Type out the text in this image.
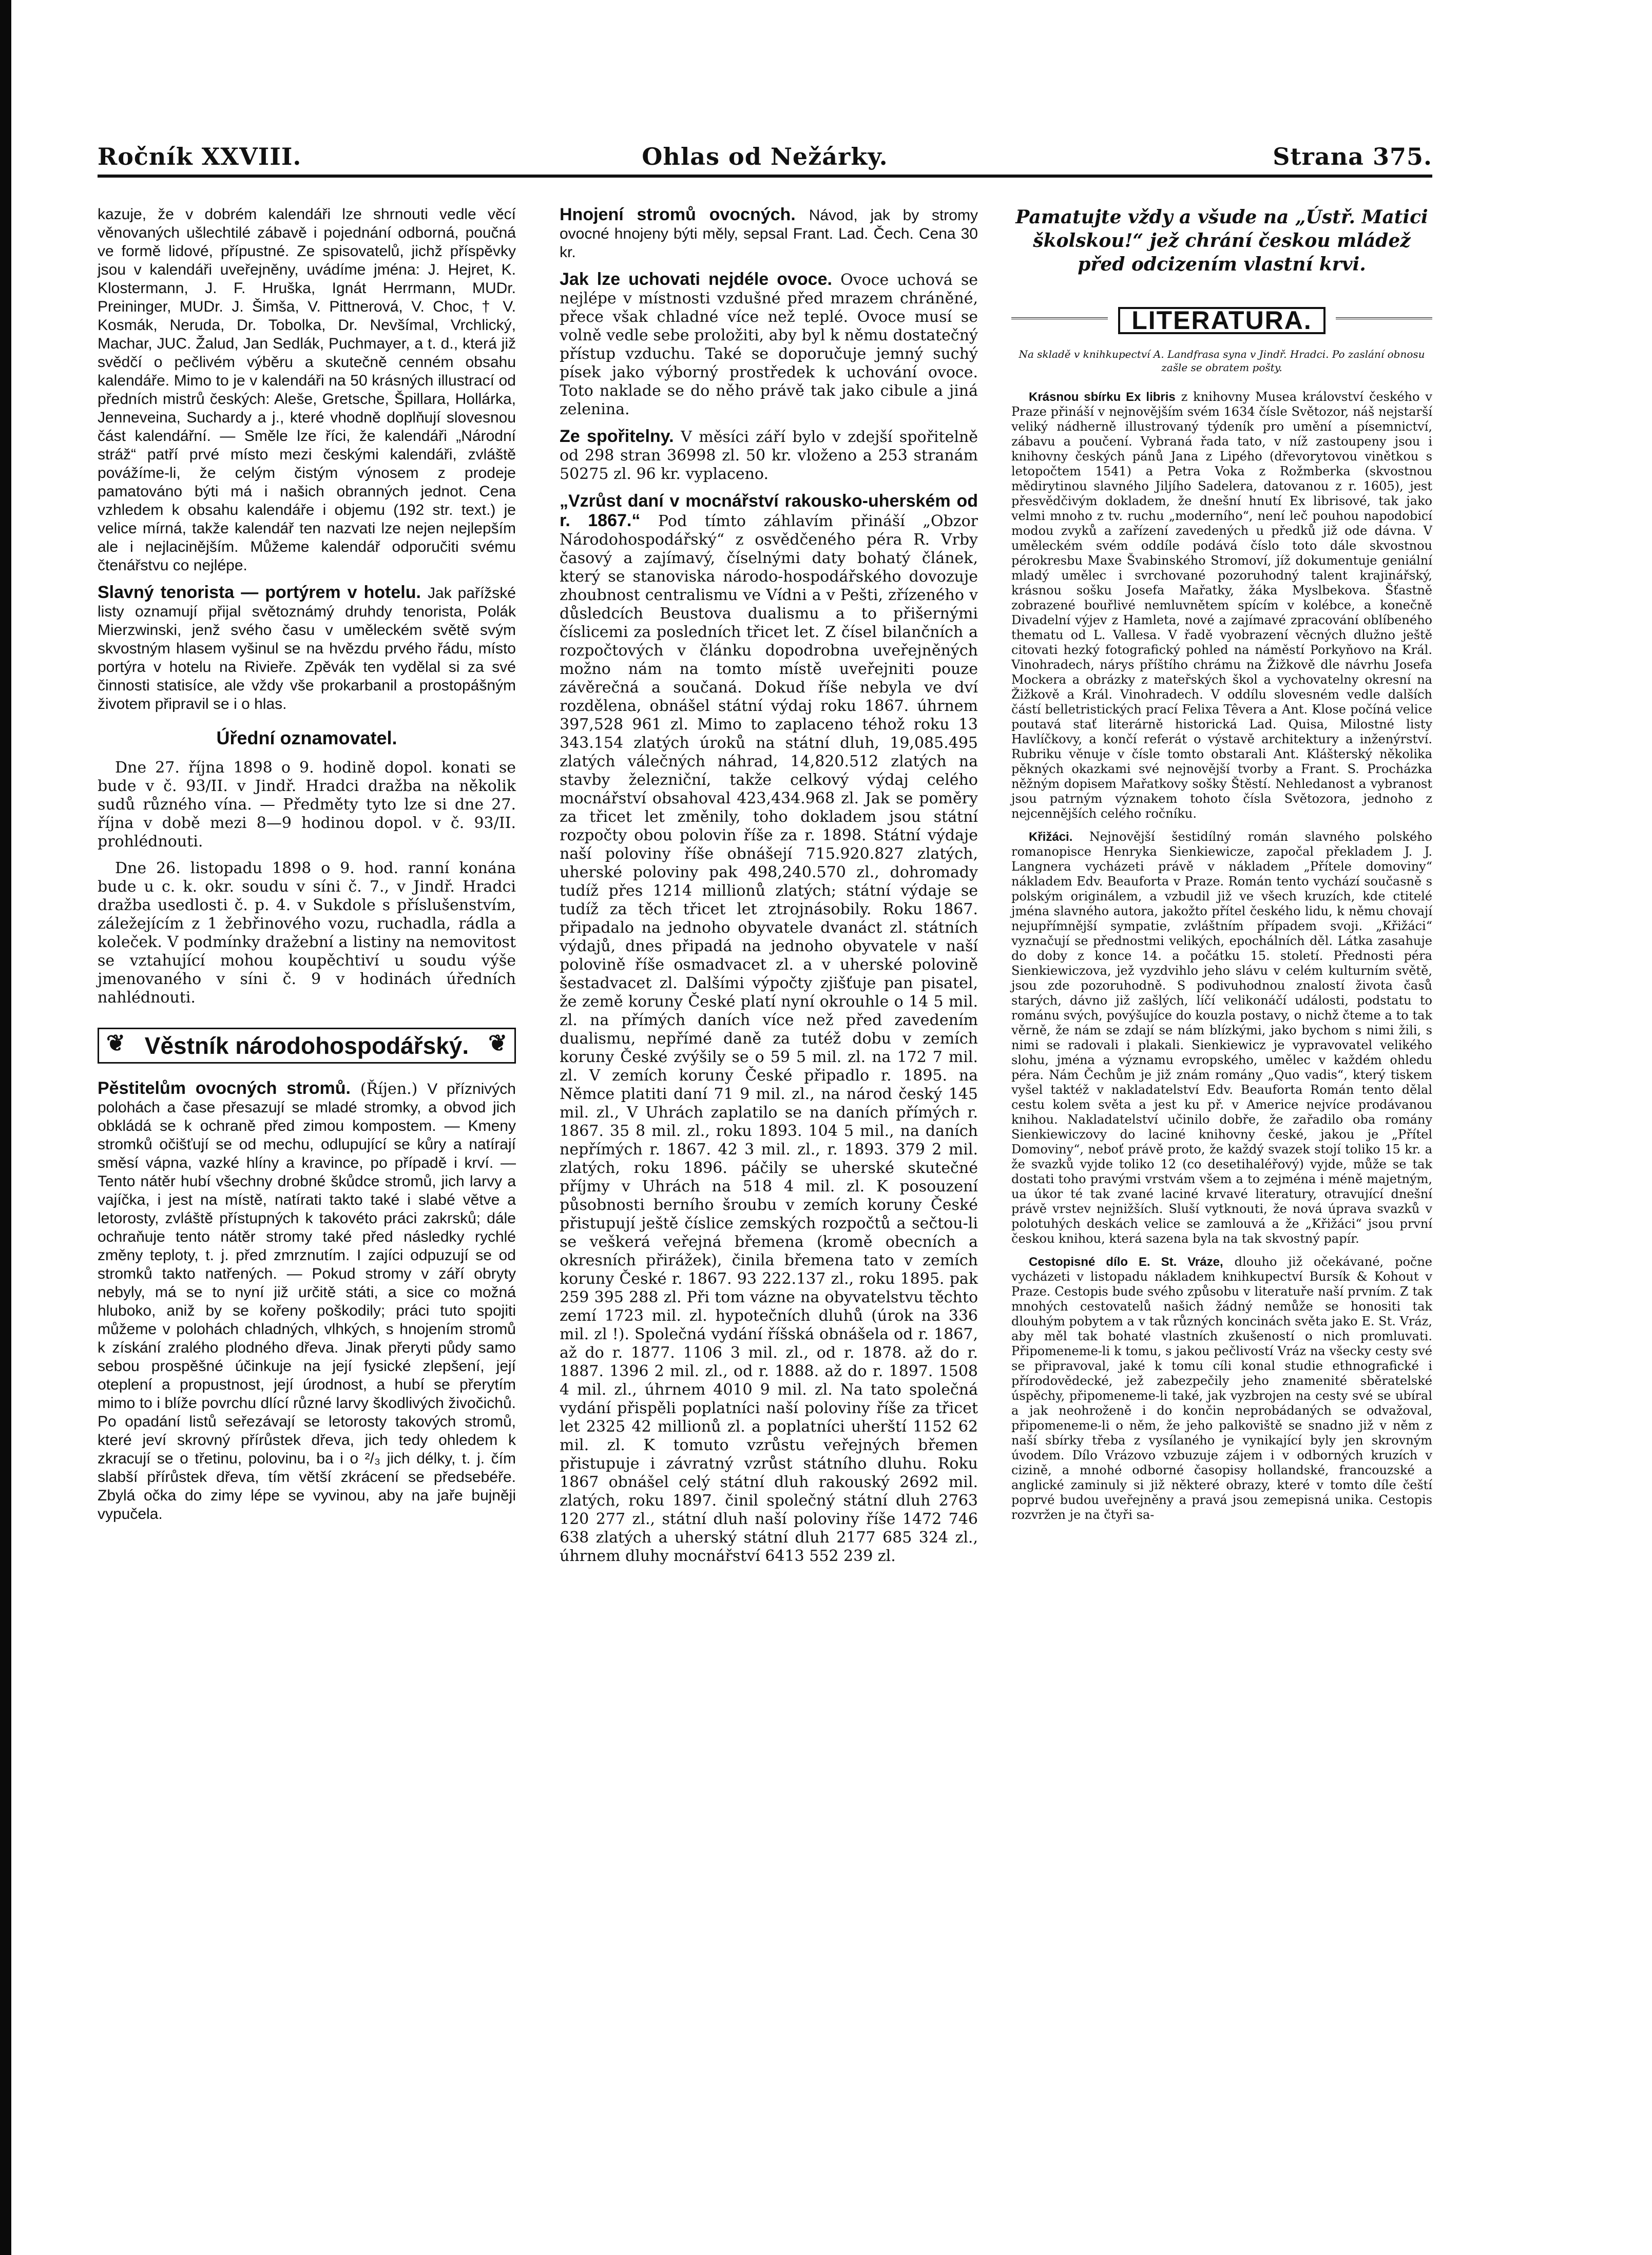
Ročník XXVIII.	Ohlas od Nežárky.	Strana 375.

kazuje, že v dobrém kalendáři lze shrnouti vedle věcí věnovaných ušlechtilé zábavě i pojednání odborná, poučná ve formě lidové, přípustné. Ze spisovatelů, jichž příspěvky jsou v kalendáři uveřejněny, uvádíme jména: J. Hejret, K. Klostermann, J. F. Hruška, Ignát Herrmann, MUDr. Preininger, MUDr. J. Šimša, V. Pittnerová, V. Choc, † V. Kosmák, Neruda, Dr. Tobolka, Dr. Nevšímal, Vrchlický, Machar, JUC. Žalud, Jan Sedlák, Puchmayer, a t. d., která již svědčí o pečlivém výběru a skutečně cenném obsahu kalendáře. Mimo to je v kalendáři na 50 krásných illustrací od předních mistrů českých: Aleše, Gretsche, Špillara, Hollárka, Jenneveina, Suchardy a j., které vhodně doplňují slovesnou část kalendářní. — Směle lze říci, že kalendáři „Národní stráž“ patří prvé místo mezi českými kalendáři, zvláště povážíme-li, že celým čistým výnosem z prodeje pamatováno býti má i našich obranných jednot. Cena vzhledem k obsahu kalendáře i objemu (192 str. text.) je velice mírná, takže kalendář ten nazvati lze nejen nejlepším ale i nejlacinějším. Můžeme kalendář odporučiti svému čtenářstvu co nejlépe.

Slavný tenorista — portýrem v hotelu. Jak pařížské listy oznamují přijal světoznámý druhdy tenorista, Polák Mierzwinski, jenž svého času v uměleckém světě svým skvostným hlasem vyšinul se na hvězdu prvého řádu, místo portýra v hotelu na Rivieře. Zpěvák ten vydělal si za své činnosti statisíce, ale vždy vše prokarbanil a prostopášným životem připravil se i o hlas.

Úřední oznamovatel.

Dne 27. října 1898 o 9. hodině dopol. konati se bude v č. 93/II. v Jindř. Hradci dražba na několik sudů různého vína. — Předměty tyto lze si dne 27. října v době mezi 8—9 hodinou dopol. v č. 93/II. prohlédnouti.

Dne 26. listopadu 1898 o 9. hod. ranní konána bude u c. k. okr. soudu v síni č. 7., v Jindř. Hradci dražba usedlosti č. p. 4. v Sukdole s příslušenstvím, záležejícím z 1 žebřinového vozu, ruchadla, rádla a koleček. V podmínky dražební a listiny na nemovitost se vztahující mohou koupěchtiví u soudu výše jmenovaného v síni č. 9 v hodinách úředních nahlédnouti.

❦ Věstník národohospodářský. ❦

Pěstitelům ovocných stromů. (Říjen.) V příznivých polohách a čase přesazují se mladé stromky, a obvod jich obkládá se k ochraně před zimou kompostem. — Kmeny stromků očišťují se od mechu, odlupující se kůry a natírají směsí vápna, vazké hlíny a kravince, po případě i krví. — Tento nátěr hubí všechny drobné škůdce stromů, jich larvy a vajíčka, i jest na místě, natírati takto také i slabé větve a letorosty, zvláště přístupných k takovéto práci zakrsků; dále ochraňuje tento nátěr stromy také před následky rychlé změny teploty, t. j. před zmrznutím. I zajíci odpuzují se od stromků takto natřených. — Pokud stromy v září obryty nebyly, má se to nyní již určitě státi, a sice co možná hluboko, aniž by se kořeny poškodily; práci tuto spojiti můžeme v polohách chladných, vlhkých, s hnojením stromů k získání zralého plodného dřeva. Jinak přeryti půdy samo sebou prospěšné účinkuje na její fysické zlepšení, její oteplení a propustnost, její úrodnost, a hubí se přerytím mimo to i blíže povrchu dlící různé larvy škodlivých živočichů. Po opadání listů seřezávají se letorosty takových stromů, které jeví skrovný přírůstek dřeva, jich tedy ohledem k zkracují se o třetinu, polovinu, ba i o ²/₃ jich délky, t. j. čím slabší přírůstek dřeva, tím větší zkrácení se předsebéře. Zbylá očka do zimy lépe se vyvinou, aby na jaře bujněji vypučela.

Hnojení stromů ovocných. Návod, jak by stromy ovocné hnojeny býti měly, sepsal Frant. Lad. Čech. Cena 30 kr.

Jak lze uchovati nejdéle ovoce. Ovoce uchová se nejlépe v místnosti vzdušné před mrazem chráněné, přece však chladné více než teplé. Ovoce musí se volně vedle sebe proložiti, aby byl k němu dostatečný přístup vzduchu. Také se doporučuje jemný suchý písek jako výborný prostředek k uchování ovoce. Toto naklade se do něho právě tak jako cibule a jiná zelenina.

Ze spořitelny. V měsíci září bylo v zdejší spořitelně od 298 stran 36998 zl. 50 kr. vloženo a 253 stranám 50275 zl. 96 kr. vyplaceno.

„Vzrůst daní v mocnářství rakousko-uherském od r. 1867.“ Pod tímto záhlavím přináší „Obzor Národohospodářský“ z osvědčeného péra R. Vrby časový a zajímavý, číselnými daty bohatý článek, který se stanoviska národo-hospodářského dovozuje zhoubnost centralismu ve Vídni a v Pešti, zřízeného v důsledcích Beustova dualismu a to přišernými číslicemi za posledních třicet let. Z čísel bilančních a rozpočtových v článku dopodrobna uveřejněných možno nám na tomto místě uveřejniti pouze závěrečná a součaná. Dokud říše nebyla ve dví rozdělena, obnášel státní výdaj roku 1867. úhrnem 397,528 961 zl. Mimo to zaplaceno téhož roku 13 343.154 zlatých úroků na státní dluh, 19,085.495 zlatých válečných náhrad, 14,820.512 zlatých na stavby železniční, takže celkový výdaj celého mocnářství obsahoval 423,434.968 zl. Jak se poměry za třicet let změnily, toho dokladem jsou státní rozpočty obou polovin říše za r. 1898. Státní výdaje naší poloviny říše obnášejí 715.920.827 zlatých, uherské poloviny pak 498,240.570 zl., dohromady tudíž přes 1214 millionů zlatých; státní výdaje se tudíž za těch třicet let ztrojnásobily. Roku 1867. připadalo na jednoho obyvatele dvanáct zl. státních výdajů, dnes připadá na jednoho obyvatele v naší polovině říše osmadvacet zl. a v uherské polovině šestadvacet zl. Dalšími výpočty zjišťuje pan pisatel, že země koruny České platí nyní okrouhle o 14 5 mil. zl. na přímých daních více než před zavedením dualismu, nepřímé daně za tutéž dobu v zemích koruny České zvýšily se o 59 5 mil. zl. na 172 7 mil. zl. V zemích koruny České připadlo r. 1895. na Němce platiti daní 71 9 mil. zl., na národ český 145 mil. zl., V Uhrách zaplatilo se na daních přímých r. 1867. 35 8 mil. zl., roku 1893. 104 5 mil., na daních nepřímých r. 1867. 42 3 mil. zl., r. 1893. 379 2 mil. zlatých, roku 1896. páčily se uherské skutečné příjmy v Uhrách na 518 4 mil. zl. K posouzení působnosti berního šroubu v zemích koruny České přistupují ještě číslice zemských rozpočtů a sečtou-li se veškerá veřejná břemena (kromě obecních a okresních přirážek), činila břemena tato v zemích koruny České r. 1867. 93 222.137 zl., roku 1895. pak 259 395 288 zl. Při tom vázne na obyvatelstvu těchto zemí 1723 mil. zl. hypotečních dluhů (úrok na 336 mil. zl !). Společná vydání říšská obnášela od r. 1867, až do r. 1877. 1106 3 mil. zl., od r. 1878. až do r. 1887. 1396 2 mil. zl., od r. 1888. až do r. 1897. 1508 4 mil. zl., úhrnem 4010 9 mil. zl. Na tato společná vydání přispěli poplatníci naší poloviny říše za třicet let 2325 42 millionů zl. a poplatníci uherští 1152 62 mil. zl. K tomuto vzrůstu veřejných břemen přistupuje i závratný vzrůst státního dluhu. Roku 1867 obnášel celý státní dluh rakouský 2692 mil. zlatých, roku 1897. činil společný státní dluh 2763 120 277 zl., státní dluh naší poloviny říše 1472 746 638 zlatých a uherský státní dluh 2177 685 324 zl., úhrnem dluhy mocnářství 6413 552 239 zl.

Pamatujte vždy a všude na „Ústř. Matici školskou!“ jež chrání českou mládež před odcizením vlastní krvi.
LITERATURA.
Na skladě v knihkupectví A. Landfrasa syna v Jindř. Hradci. Po zaslání obnosu zašle se obratem pošty.

Krásnou sbírku Ex libris z knihovny Musea království českého v Praze přináší v nejnovějším svém 1634 čísle Světozor, náš nejstarší veliký nádherně illustrovaný týdeník pro umění a písemnictví, zábavu a poučení. Vybraná řada tato, v níž zastoupeny jsou i knihovny českých pánů Jana z Lipého (dřevorytovou vinětkou s letopočtem 1541) a Petra Voka z Rožmberka (skvostnou mědirytinou slavného Jiljího Sadelera, datovanou z r. 1605), jest přesvědčivým dokladem, že dnešní hnutí Ex librisové, tak jako velmi mnoho z tv. ruchu „moderního“, není leč pouhou napodobicí modou zvyků a zařízení zavedených u předků již ode dávna. V uměleckém svém oddíle podává číslo toto dále skvostnou pérokresbu Maxe Švabinského Stromoví, jíž dokumentuje geniální mladý umělec i svrchované pozoruhodný talent krajinářský, krásnou sošku Josefa Mařatky, žáka Myslbekova. Šťastně zobrazené bouřlivé nemluvnětem spícím v kolébce, a konečně Divadelní výjev z Hamleta, nové a zajímavé zpracování oblíbeného thematu od L. Vallesa. V řadě vyobrazení věcných dlužno ještě citovati hezký fotografický pohled na náměstí Porkyňovo na Král. Vinohradech, nárys příštího chrámu na Žižkově dle návrhu Josefa Mockera a obrázky z mateřských škol a vychovatelny okresní na Žižkově a Král. Vinohradech. V oddílu slovesném vedle dalších částí belletristických prací Felixa Têvera a Ant. Klose počíná velice poutavá stať literárně historická Lad. Quisa, Milostné listy Havlíčkovy, a končí referát o výstavě architektury a inženýrství. Rubriku věnuje v čísle tomto obstarali Ant. Klášterský několika pěkných okazkami své nejnovější tvorby a Frant. S. Procházka něžným dopisem Mařatkovy sošky Štěstí. Nehledanost a vybranost jsou patrným význakem tohoto čísla Světozora, jednoho z nejcennějších celého ročníku.

Křižáci. Nejnovější šestidílný román slavného polského romanopisce Henryka Sienkiewicze, započal překladem J. J. Langnera vycházeti právě v nákladem „Přítele domoviny“ nákladem Edv. Beauforta v Praze. Román tento vychází současně s polským originálem, a vzbudil již ve všech kruzích, kde ctitelé jména slavného autora, jakožto přítel českého lidu, k němu chovají nejupřímnější sympatie, zvláštním případem svoji. „Křižáci“ vyznačují se přednostmi velikých, epochálních děl. Látka zasahuje do doby z konce 14. a počátku 15. století. Přednosti péra Sienkiewiczova, jež vyzdvihlo jeho slávu v celém kulturním světě, jsou zde pozoruhodně. S podivuhodnou znalostí života časů starých, dávno již zašlých, líčí velikonáčí události, podstatu to románu svých, povýšujíce do kouzla postavy, o nichž čteme a to tak věrně, že nám se zdají se nám blízkými, jako bychom s nimi žili, s nimi se radovali i plakali. Sienkiewicz je vypravovatel velikého slohu, jména a významu evropského, umělec v každém ohledu péra. Nám Čechům je již znám romány „Quo vadis“, který tiskem vyšel taktéž v nakladatelství Edv. Beauforta Román tento dělal cestu kolem světa a jest ku př. v Americe nejvíce prodávanou knihou. Nakladatelství učinilo dobře, že zařadilo oba romány Sienkiewiczovy do laciné knihovny české, jakou je „Přítel Domoviny“, neboť právě proto, že každý svazek stojí toliko 15 kr. a že svazků vyjde toliko 12 (co desetihaléřový) vyjde, může se tak dostati toho pravými vrstvám všem a to zejména i méně majetným, ua úkor té tak zvané laciné krvavé literatury, otravující dnešní právě vrstev nejnižších. Sluší vytknouti, že nová úprava svazků v polotuhých deskách velice se zamlouvá a že „Křižáci“ jsou první českou knihou, která sazena byla na tak skvostný papír.

Cestopisné dílo E. St. Vráze, dlouho již očekávané, počne vycházeti v listopadu nákladem knihkupectví Bursík & Kohout v Praze. Cestopis bude svého způsobu v literatuře naší prvním. Z tak mnohých cestovatelů našich žádný nemůže se honositi tak dlouhým pobytem a v tak různých koncinách světa jako E. St. Vráz, aby měl tak bohaté vlastních zkušeností o nich promluvati. Připomeneme-li k tomu, s jakou pečlivostí Vráz na všecky cesty své se připravoval, jaké k tomu cíli konal studie ethnografické i přírodovědecké, jež zabezpečily jeho znamenité sběratelské úspěchy, připomeneme-li také, jak vyzbrojen na cesty své se ubíral a jak neohroženě i do končin neprobádaných se odvažoval, připomeneme-li o něm, že jeho palkoviště se snadno již v něm z naší sbírky třeba z vysílaného je vynikající byly jen skrovným úvodem. Dílo Vrázovo vzbuzuje zájem i v odborných kruzích v cizině, a mnohé odborné časopisy hollandské, francouzské a anglické zaminuly si již některé obrazy, které v tomto díle čeští poprvé budou uveřejněny a pravá jsou zemepisná unika. Cestopis rozvržen je na čtyři sa-
